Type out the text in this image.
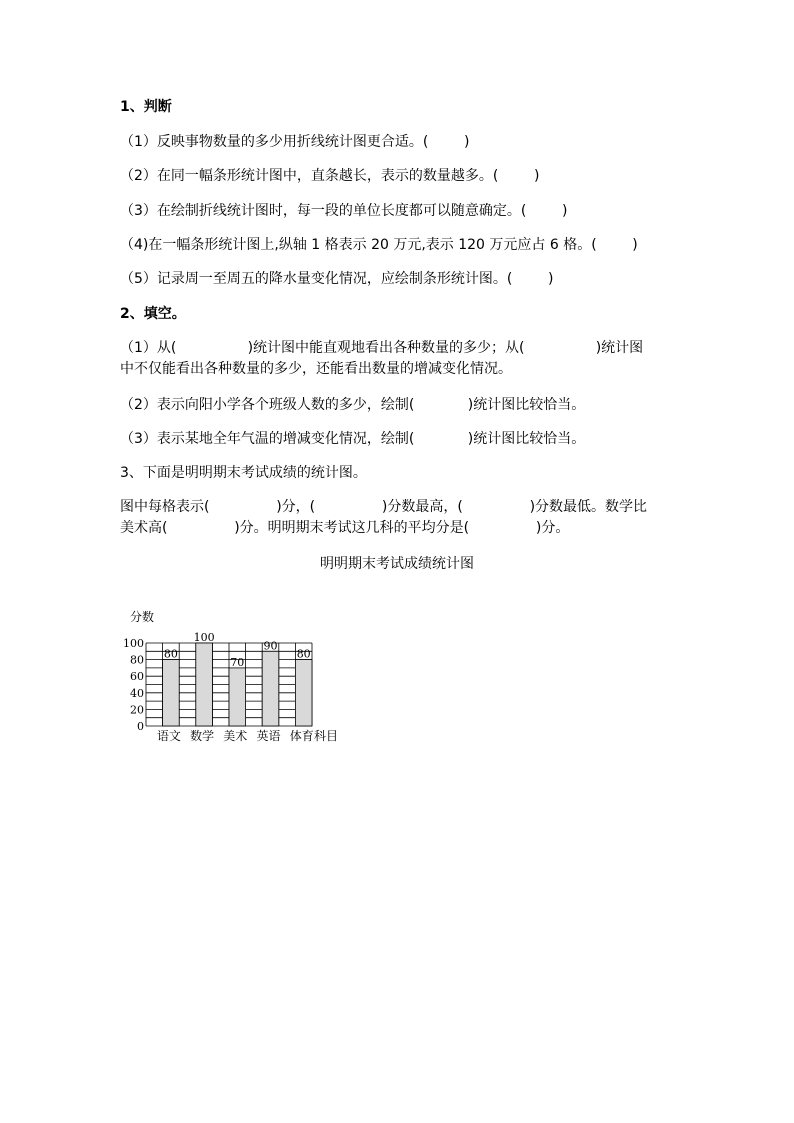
1、判断
（1）反映事物数量的多少用折线统计图更合适。(        )
（2）在同一幅条形统计图中，直条越长，表示的数量越多。(        )
（3）在绘制折线统计图时，每一段的单位长度都可以随意确定。(        )
（4)在一幅条形统计图上,纵轴 1 格表示 20 万元,表示 120 万元应占 6 格。(        )
（5）记录周一至周五的降水量变化情况，应绘制条形统计图。(        )
2、填空。
（1）从(                )统计图中能直观地看出各种数量的多少；从(                )统计图
中不仅能看出各种数量的多少，还能看出数量的增减变化情况。
（2）表示向阳小学各个班级人数的多少，绘制(            )统计图比较恰当。
（3）表示某地全年气温的增减变化情况，绘制(            )统计图比较恰当。
3、下面是明明期末考试成绩的统计图。
图中每格表示(               )分，(               )分数最高，(               )分数最低。数学比
美术高(               )分。明明期末考试这几科的平均分是(               )分。
明明期末考试成绩统计图
80
语文
100
数学
70
美术
90
英语
80
体育
0
20
40
60
80
100
分数
科目
